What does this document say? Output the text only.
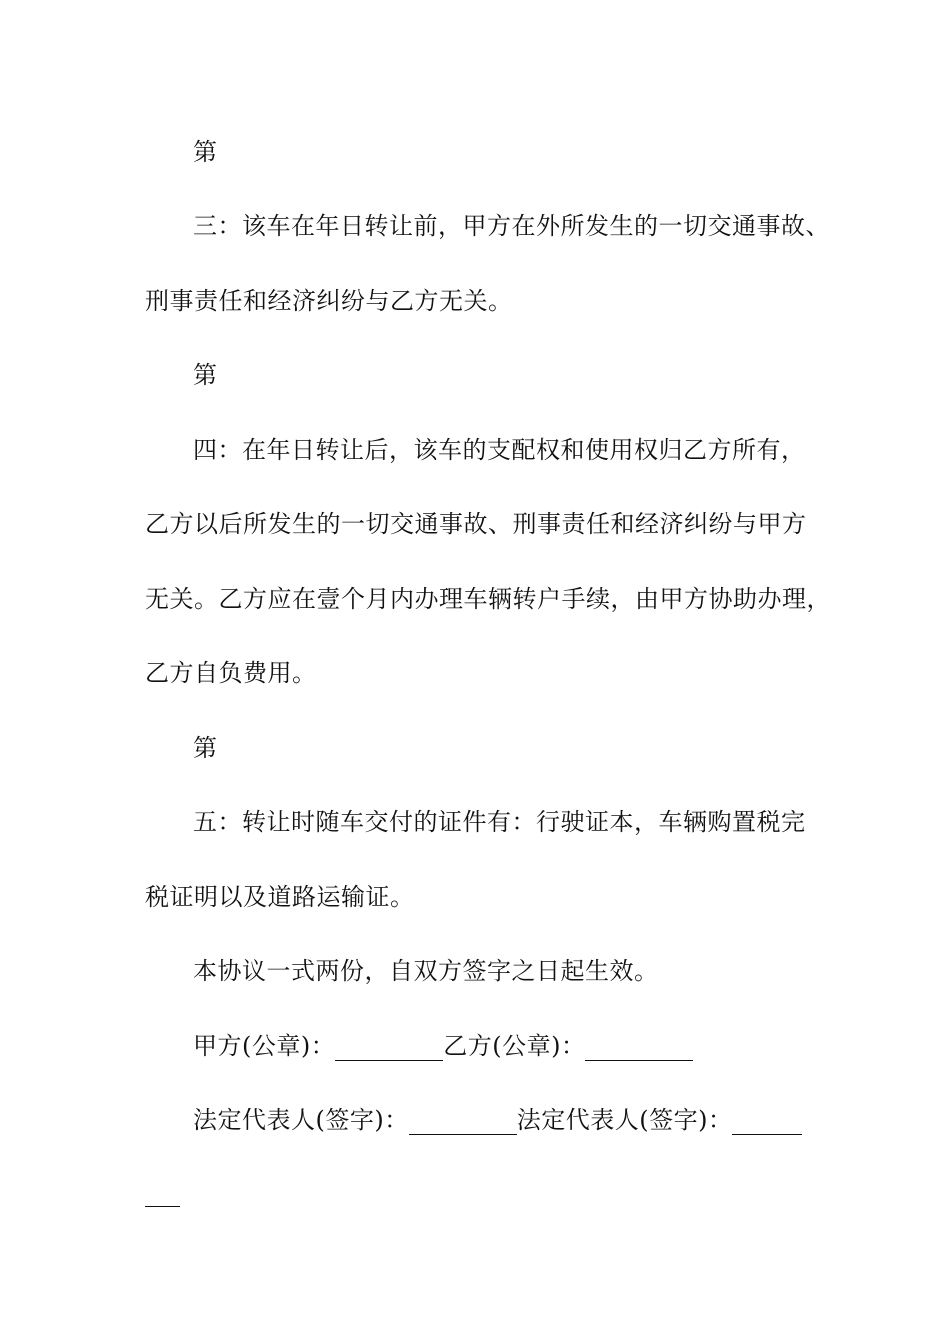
第
三：该车在年日转让前，甲方在外所发生的一切交通事故、
刑事责任和经济纠纷与乙方无关。
第
四：在年日转让后，该车的支配权和使用权归乙方所有，
乙方以后所发生的一切交通事故、刑事责任和经济纠纷与甲方
无关。乙方应在壹个月内办理车辆转户手续，由甲方协助办理，
乙方自负费用。
第
五：转让时随车交付的证件有：行驶证本，车辆购置税完
税证明以及道路运输证。
本协议一式两份，自双方签字之日起生效。
甲方(公章)：	乙方(公章)：
法定代表人(签字)：	法定代表人(签字)：
